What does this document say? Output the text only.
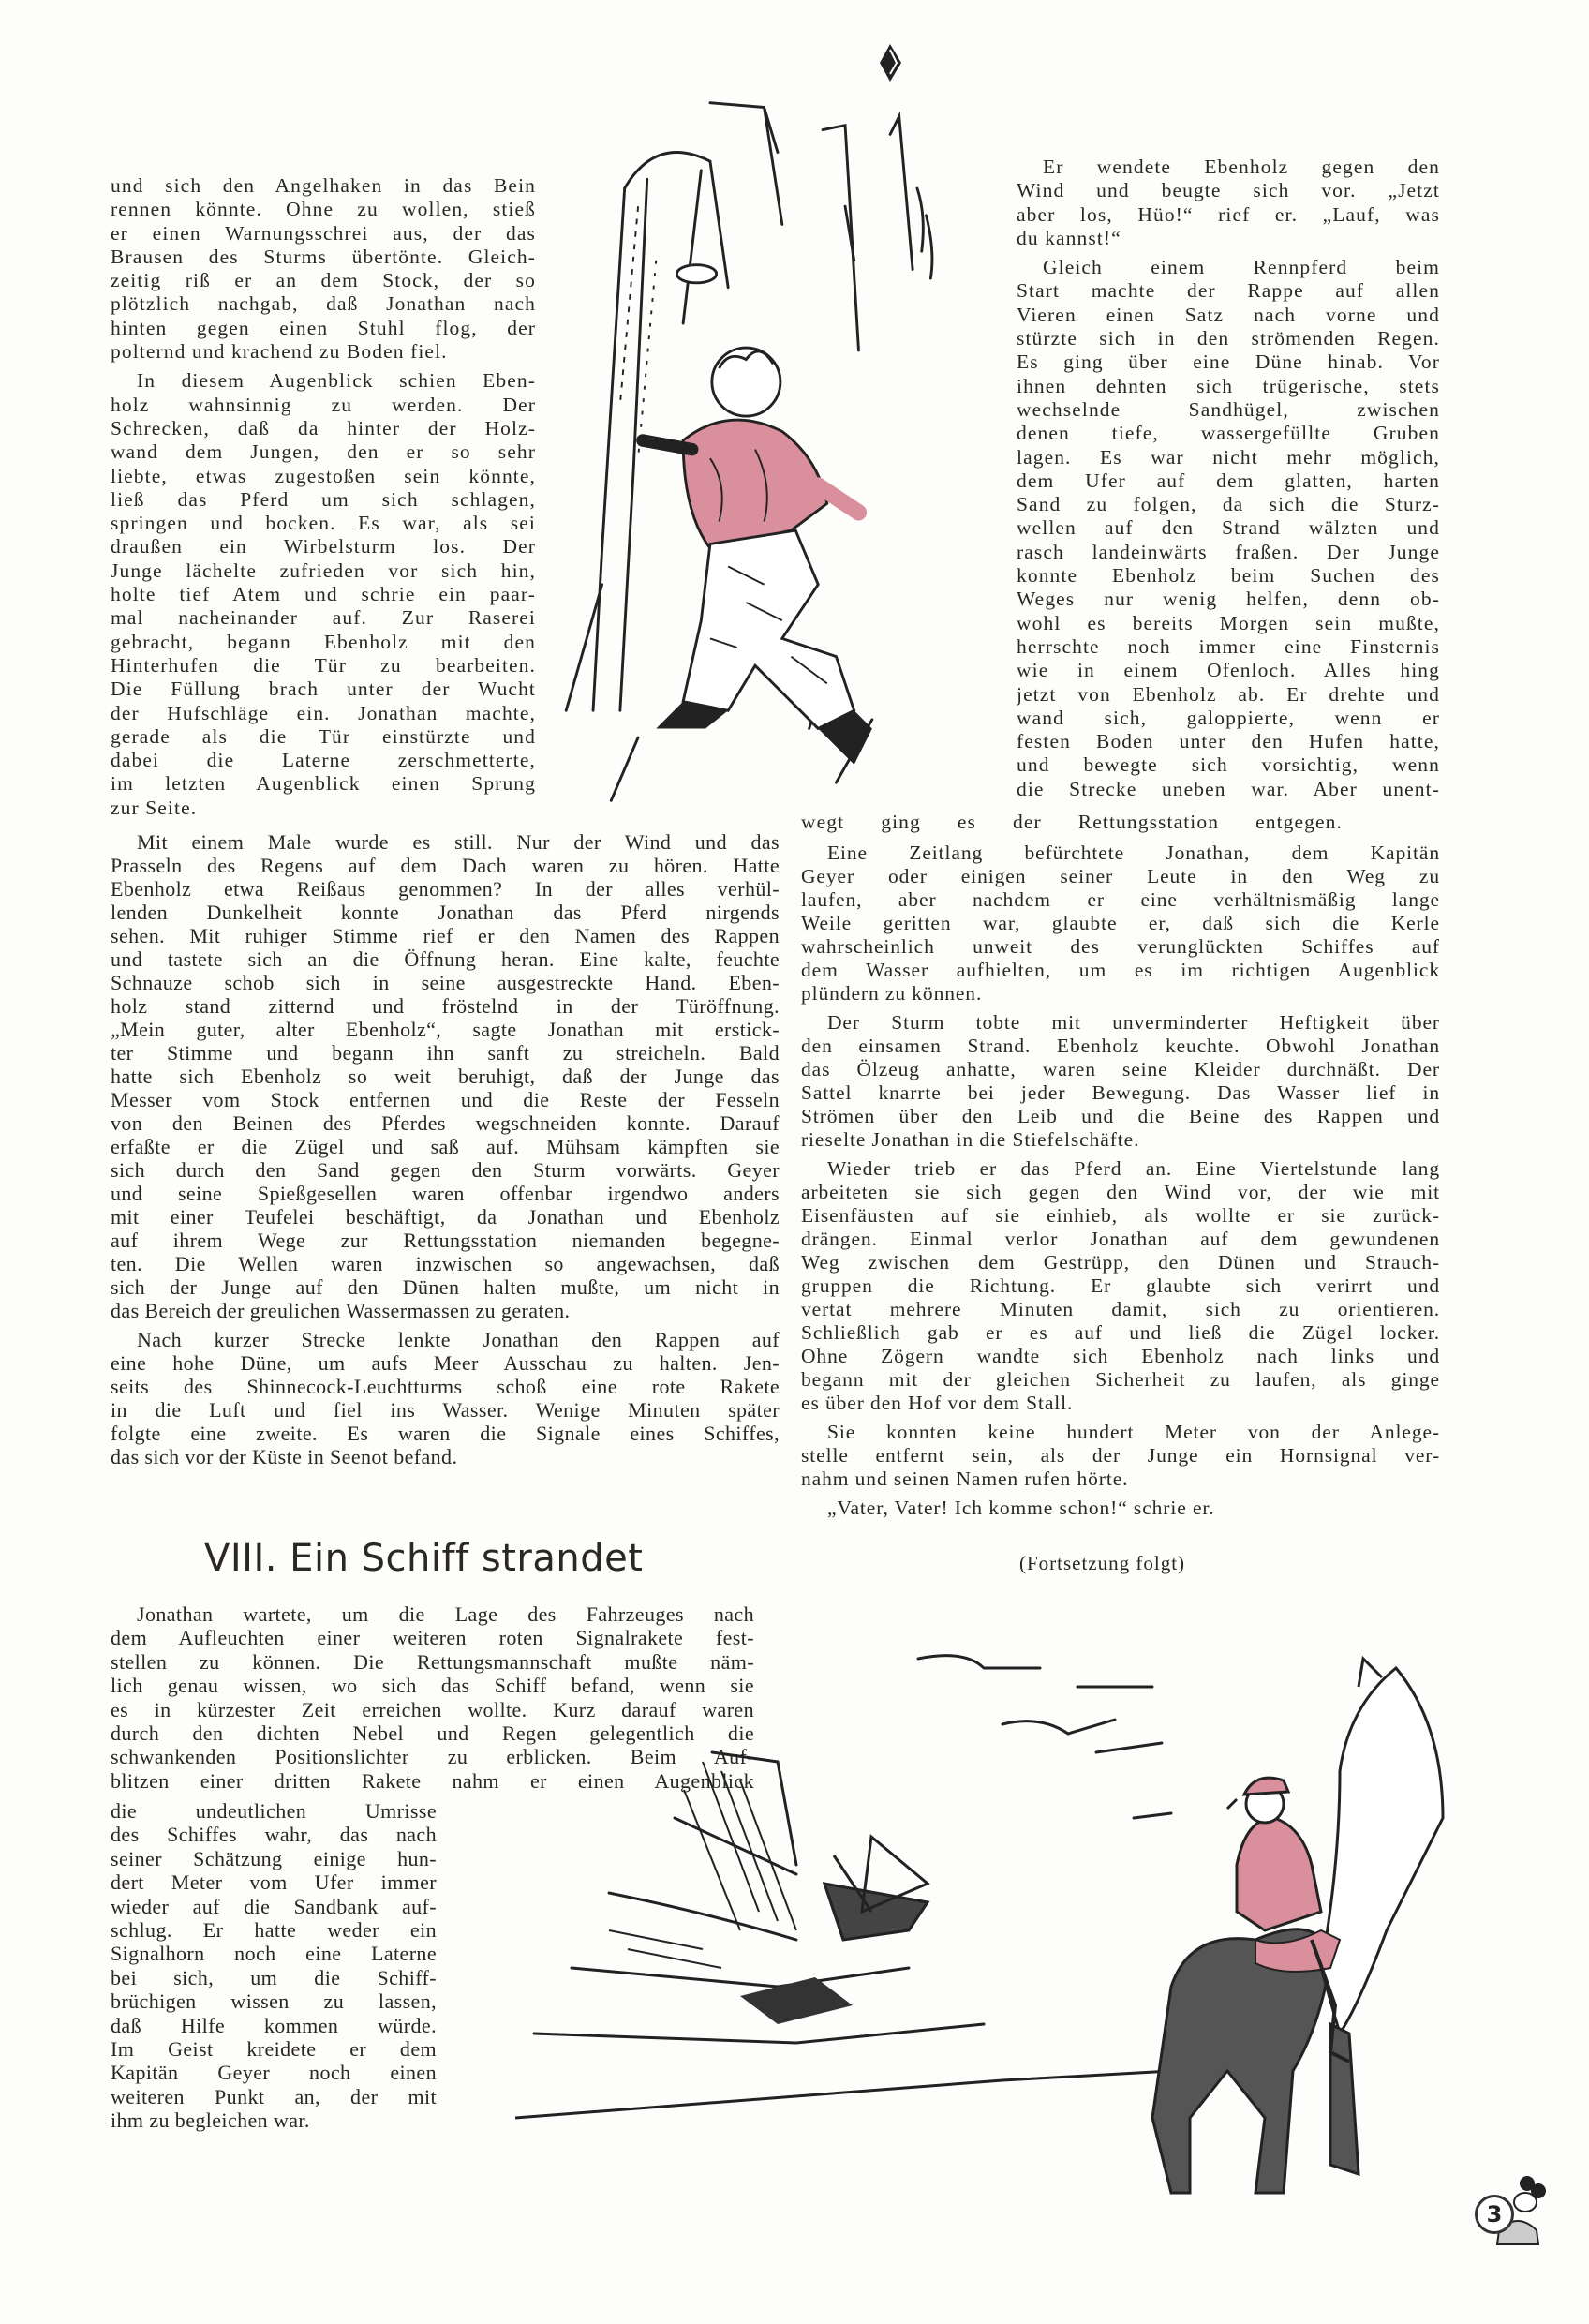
und sich den Angelhaken in das Bein
rennen könnte. Ohne zu wollen, stieß
er einen Warnungsschrei aus, der das
Brausen des Sturms übertönte. Gleich-
zeitig riß er an dem Stock, der so
plötzlich nachgab, daß Jonathan nach
hinten gegen einen Stuhl flog, der
polternd und krachend zu Boden fiel.
In diesem Augenblick schien Eben-
holz wahnsinnig zu werden. Der
Schrecken, daß da hinter der Holz-
wand dem Jungen, den er so sehr
liebte, etwas zugestoßen sein könnte,
ließ das Pferd um sich schlagen,
springen und bocken. Es war, als sei
draußen ein Wirbelsturm los. Der
Junge lächelte zufrieden vor sich hin,
holte tief Atem und schrie ein paar-
mal nacheinander auf. Zur Raserei
gebracht, begann Ebenholz mit den
Hinterhufen die Tür zu bearbeiten.
Die Füllung brach unter der Wucht
der Hufschläge ein. Jonathan machte,
gerade als die Tür einstürzte und
dabei die Laterne zerschmetterte,
im letzten Augenblick einen Sprung
zur Seite.
Er wendete Ebenholz gegen den
Wind und beugte sich vor. „Jetzt
aber los, Hüo!“ rief er. „Lauf, was
du kannst!“
Gleich einem Rennpferd beim
Start machte der Rappe auf allen
Vieren einen Satz nach vorne und
stürzte sich in den strömenden Regen.
Es ging über eine Düne hinab. Vor
ihnen dehnten sich trügerische, stets
wechselnde Sandhügel, zwischen
denen tiefe, wassergefüllte Gruben
lagen. Es war nicht mehr möglich,
dem Ufer auf dem glatten, harten
Sand zu folgen, da sich die Sturz-
wellen auf den Strand wälzten und
rasch landeinwärts fraßen. Der Junge
konnte Ebenholz beim Suchen des
Weges nur wenig helfen, denn ob-
wohl es bereits Morgen sein mußte,
herrschte noch immer eine Finsternis
wie in einem Ofenloch. Alles hing
jetzt von Ebenholz ab. Er drehte und
wand sich, galoppierte, wenn er
festen Boden unter den Hufen hatte,
und bewegte sich vorsichtig, wenn
die Strecke uneben war. Aber unent-
wegt ging es der Rettungsstation entgegen.
Mit einem Male wurde es still. Nur der Wind und das
Prasseln des Regens auf dem Dach waren zu hören. Hatte
Ebenholz etwa Reißaus genommen? In der alles verhül-
lenden Dunkelheit konnte Jonathan das Pferd nirgends
sehen. Mit ruhiger Stimme rief er den Namen des Rappen
und tastete sich an die Öffnung heran. Eine kalte, feuchte
Schnauze schob sich in seine ausgestreckte Hand. Eben-
holz stand zitternd und fröstelnd in der Türöffnung.
„Mein guter, alter Ebenholz“, sagte Jonathan mit erstick-
ter Stimme und begann ihn sanft zu streicheln. Bald
hatte sich Ebenholz so weit beruhigt, daß der Junge das
Messer vom Stock entfernen und die Reste der Fesseln
von den Beinen des Pferdes wegschneiden konnte. Darauf
erfaßte er die Zügel und saß auf. Mühsam kämpften sie
sich durch den Sand gegen den Sturm vorwärts. Geyer
und seine Spießgesellen waren offenbar irgendwo anders
mit einer Teufelei beschäftigt, da Jonathan und Ebenholz
auf ihrem Wege zur Rettungsstation niemanden begegne-
ten. Die Wellen waren inzwischen so angewachsen, daß
sich der Junge auf den Dünen halten mußte, um nicht in
das Bereich der greulichen Wassermassen zu geraten.
Nach kurzer Strecke lenkte Jonathan den Rappen auf
eine hohe Düne, um aufs Meer Ausschau zu halten. Jen-
seits des Shinnecock-Leuchtturms schoß eine rote Rakete
in die Luft und fiel ins Wasser. Wenige Minuten später
folgte eine zweite. Es waren die Signale eines Schiffes,
das sich vor der Küste in Seenot befand.
Eine Zeitlang befürchtete Jonathan, dem Kapitän
Geyer oder einigen seiner Leute in den Weg zu
laufen, aber nachdem er eine verhältnismäßig lange
Weile geritten war, glaubte er, daß sich die Kerle
wahrscheinlich unweit des verunglückten Schiffes auf
dem Wasser aufhielten, um es im richtigen Augenblick
plündern zu können.
Der Sturm tobte mit unverminderter Heftigkeit über
den einsamen Strand. Ebenholz keuchte. Obwohl Jonathan
das Ölzeug anhatte, waren seine Kleider durchnäßt. Der
Sattel knarrte bei jeder Bewegung. Das Wasser lief in
Strömen über den Leib und die Beine des Rappen und
rieselte Jonathan in die Stiefelschäfte.
Wieder trieb er das Pferd an. Eine Viertelstunde lang
arbeiteten sie sich gegen den Wind vor, der wie mit
Eisenfäusten auf sie einhieb, als wollte er sie zurück-
drängen. Einmal verlor Jonathan auf dem gewundenen
Weg zwischen dem Gestrüpp, den Dünen und Strauch-
gruppen die Richtung. Er glaubte sich verirrt und
vertat mehrere Minuten damit, sich zu orientieren.
Schließlich gab er es auf und ließ die Zügel locker.
Ohne Zögern wandte sich Ebenholz nach links und
begann mit der gleichen Sicherheit zu laufen, als ginge
es über den Hof vor dem Stall.
Sie konnten keine hundert Meter von der Anlege-
stelle entfernt sein, als der Junge ein Hornsignal ver-
nahm und seinen Namen rufen hörte.
„Vater, Vater! Ich komme schon!“ schrie er.
VIII. Ein Schiff strandet	(Fortsetzung folgt)
Jonathan wartete, um die Lage des Fahrzeuges nach
dem Aufleuchten einer weiteren roten Signalrakete fest-
stellen zu können. Die Rettungsmannschaft mußte näm-
lich genau wissen, wo sich das Schiff befand, wenn sie
es in kürzester Zeit erreichen wollte. Kurz darauf waren
durch den dichten Nebel und Regen gelegentlich die
schwankenden Positionslichter zu erblicken. Beim Auf-
blitzen einer dritten Rakete nahm er einen Augenblick
die undeutlichen Umrisse
des Schiffes wahr, das nach
seiner Schätzung einige hun-
dert Meter vom Ufer immer
wieder auf die Sandbank auf-
schlug. Er hatte weder ein
Signalhorn noch eine Laterne
bei sich, um die Schiff-
brüchigen wissen zu lassen,
daß Hilfe kommen würde.
Im Geist kreidete er dem
Kapitän Geyer noch einen
weiteren Punkt an, der mit
ihm zu begleichen war.
3
